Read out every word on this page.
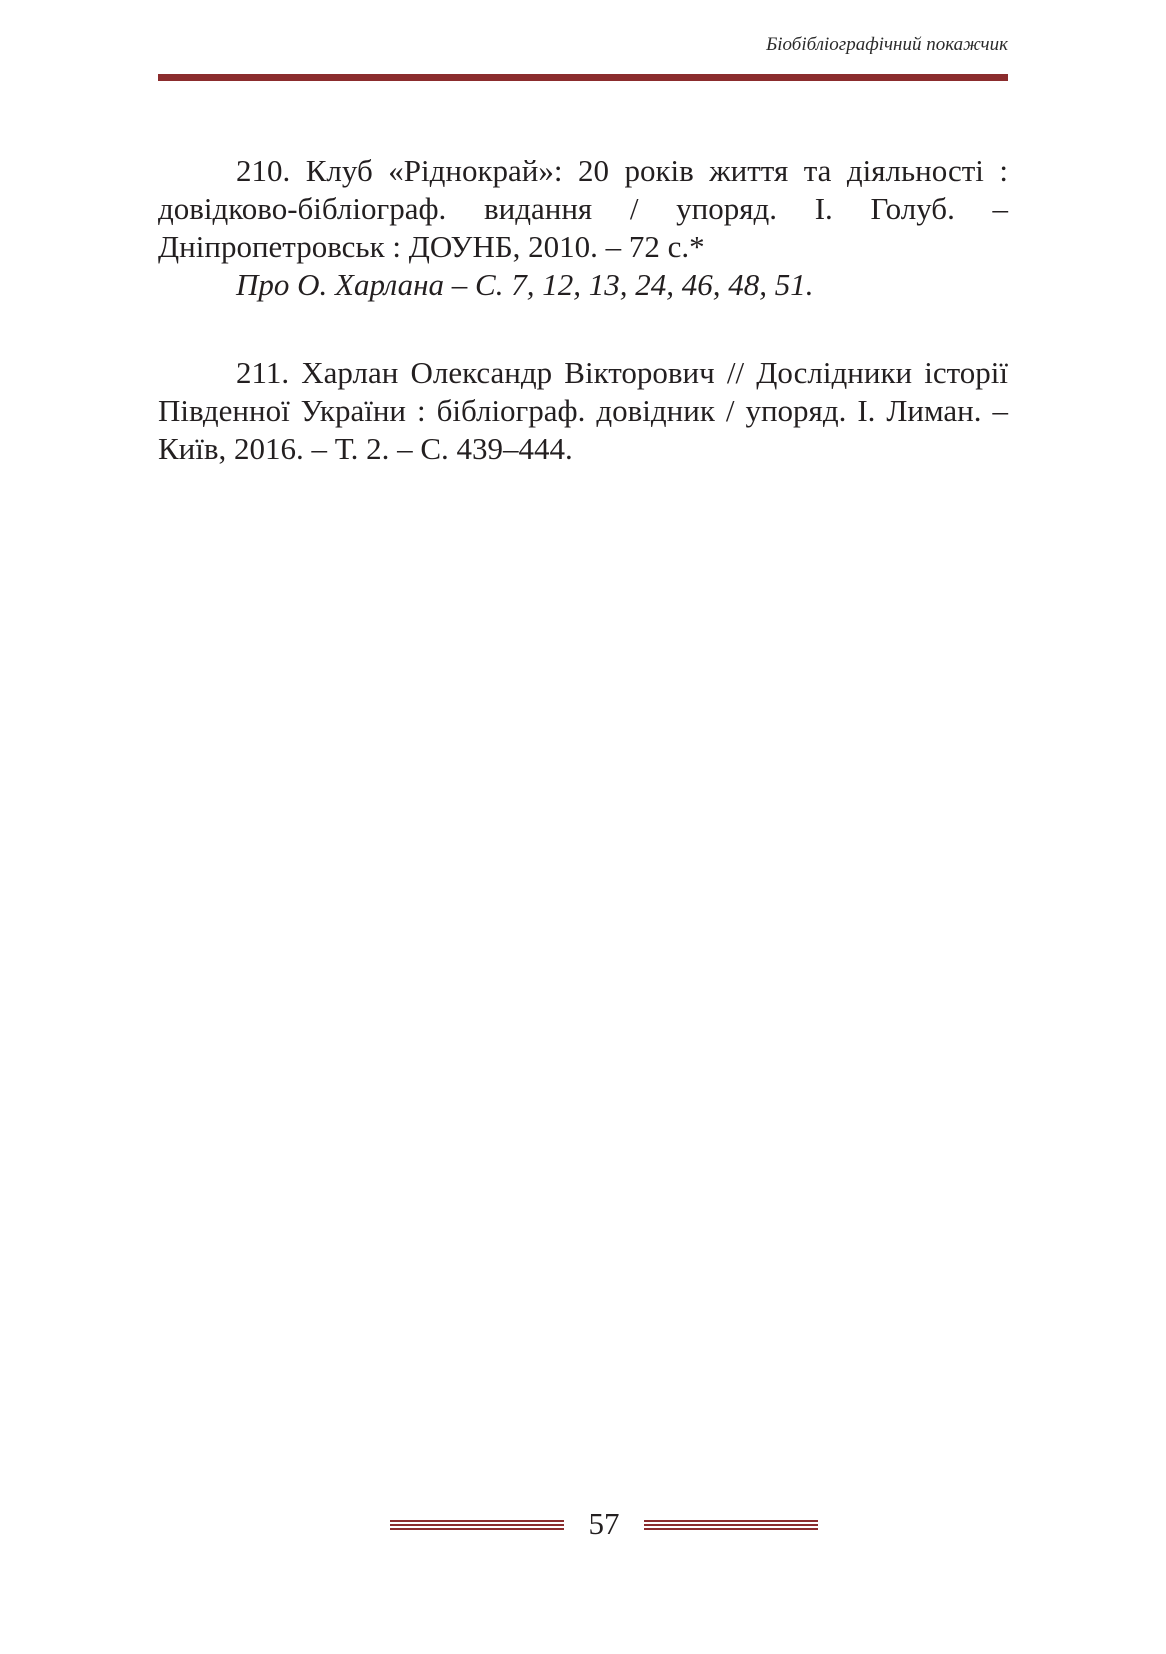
Біобібліографічний покажчик

210. Клуб «Ріднокрай»: 20 років життя та діяльності : довідково-бібліограф. видання / упоряд. І. Голуб. – Дніпропетровськ : ДОУНБ, 2010. – 72 с.*

Про О. Харлана – С. 7, 12, 13, 24, 46, 48, 51.

211. Харлан Олександр Вікторович // Дослідники історії Південної України : бібліограф. довідник / упоряд. І. Лиман. – Київ, 2016. – Т. 2. – С. 439–444.

57
